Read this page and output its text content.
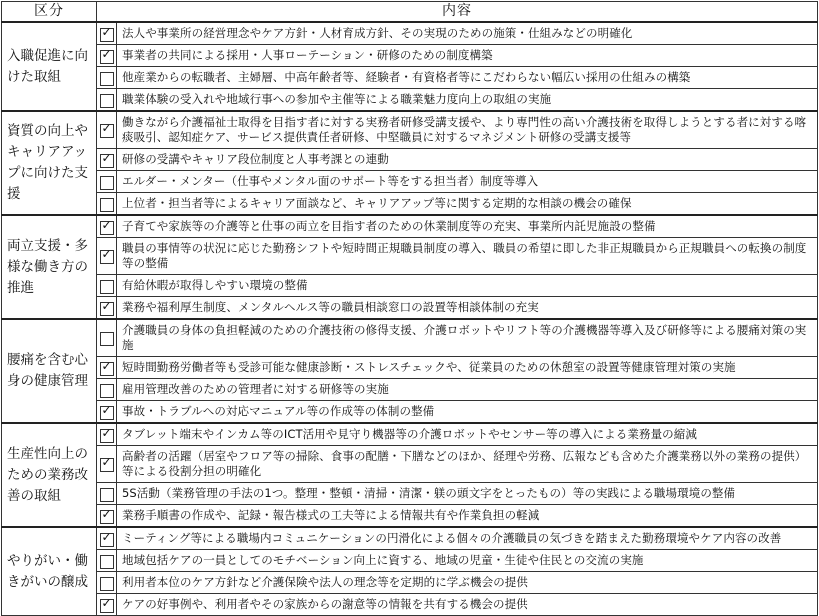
区分	内容	

入職促進に向けた取組	✓	法人や事業所の経営理念やケア方針・人材育成方針、その実現のための施策・仕組みなどの明確化

	✓	事業者の共同による採用・人事ローテーション・研修のための制度構築
		他産業からの転職者、主婦層、中高年齢者等、経験者・有資格者等にこだわらない幅広い採用の仕組みの構築
		職業体験の受入れや地域行事への参加や主催等による職業魅力度向上の取組の実施

資質の向上やキャリアアップに向けた支援	✓	働きながら介護福祉士取得を目指す者に対する実務者研修受講支援や、より専門性の高い介護技術を取得しようとする者に対する喀痰吸引、認知症ケア、サービス提供責任者研修、中堅職員に対するマネジメント研修の受講支援等

	✓	研修の受講やキャリア段位制度と人事考課との連動
		エルダー・メンター（仕事やメンタル面のサポート等をする担当者）制度等導入
		上位者・担当者等によるキャリア面談など、キャリアアップ等に関する定期的な相談の機会の確保

両立支援・多様な働き方の推進	✓	子育てや家族等の介護等と仕事の両立を目指す者のための休業制度等の充実、事業所内託児施設の整備

	✓	職員の事情等の状況に応じた勤務シフトや短時間正規職員制度の導入、職員の希望に即した非正規職員から正規職員への転換の制度等の整備
		有給休暇が取得しやすい環境の整備

	✓	業務や福利厚生制度、メンタルヘルス等の職員相談窓口の設置等相談体制の充実

腰痛を含む心身の健康管理		介護職員の身体の負担軽減のための介護技術の修得支援、介護ロボットやリフト等の介護機器等導入及び研修等による腰痛対策の実施

	✓	短時間勤務労働者等も受診可能な健康診断・ストレスチェックや、従業員のための休憩室の設置等健康管理対策の実施
		雇用管理改善のための管理者に対する研修等の実施

	✓	事故・トラブルへの対応マニュアル等の作成等の体制の整備

生産性向上のための業務改善の取組	✓	タブレット端末やインカム等のICT活用や見守り機器等の介護ロボットやセンサー等の導入による業務量の縮減

	✓	高齢者の活躍（居室やフロア等の掃除、食事の配膳・下膳などのほか、経理や労務、広報なども含めた介護業務以外の業務の提供）等による役割分担の明確化
		5S活動（業務管理の手法の1つ。整理・整頓・清掃・清潔・躾の頭文字をとったもの）等の実践による職場環境の整備

	✓	業務手順書の作成や、記録・報告様式の工夫等による情報共有や作業負担の軽減

やりがい・働きがいの醸成	✓	ミーティング等による職場内コミュニケーションの円滑化による個々の介護職員の気づきを踏まえた勤務環境やケア内容の改善
		地域包括ケアの一員としてのモチベーション向上に資する、地域の児童・生徒や住民との交流の実施
		利用者本位のケア方針など介護保険や法人の理念等を定期的に学ぶ機会の提供

	✓	ケアの好事例や、利用者やその家族からの謝意等の情報を共有する機会の提供
